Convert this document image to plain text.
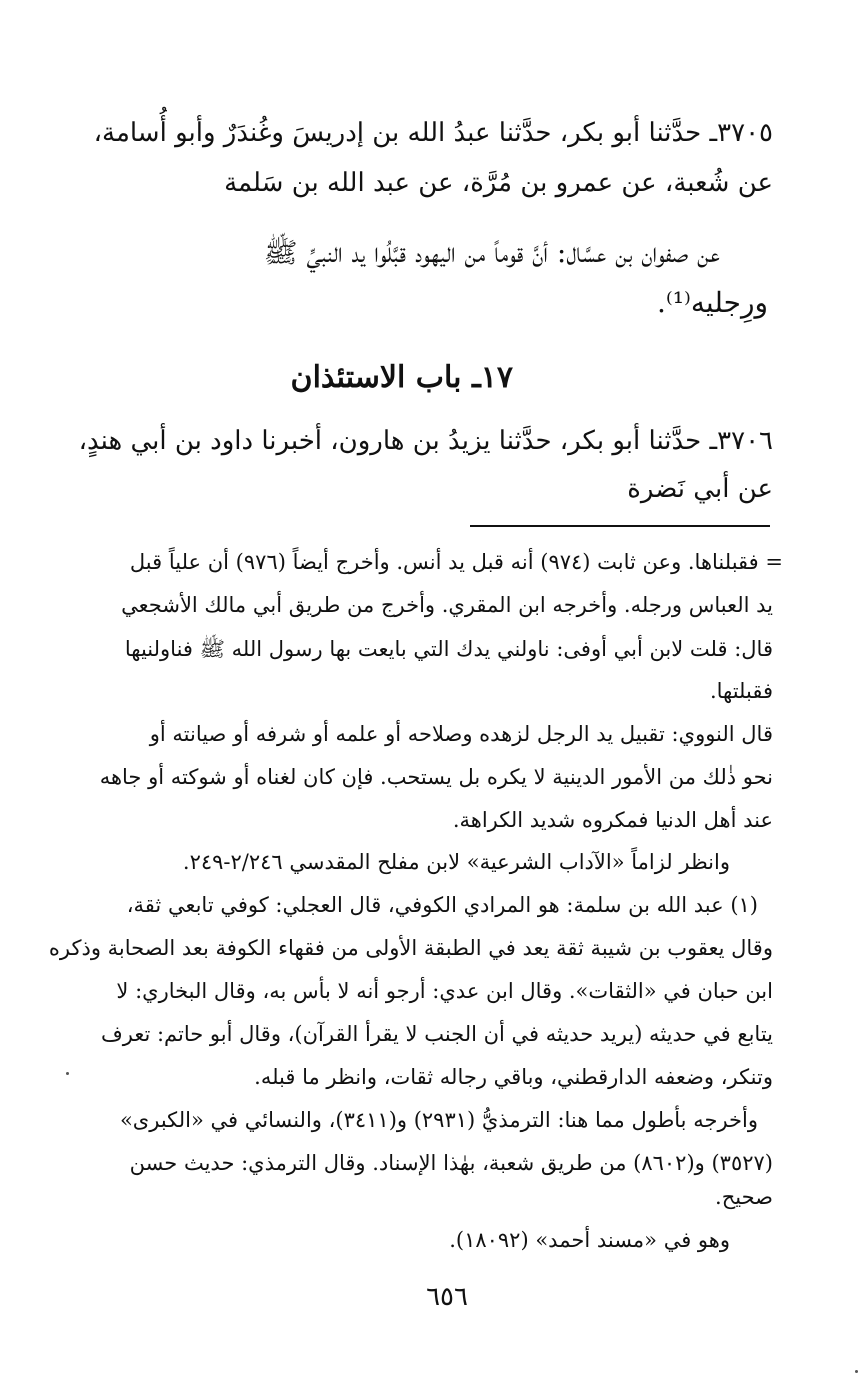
٣٧٠٥ـ حدَّثنا أبو بكر، حدَّثنا عبدُ الله بن إدريسَ وغُندَرٌ وأبو أُسامة،

عن شُعبة، عن عمرو بن مُرَّة، عن عبد الله بن سَلمة

عن صفوان بن عسَّال: أنَّ قوماً من اليهود قبَّلُوا يد النبيِّ ﷺ

ورِجليه⁽¹⁾.

١٧ـ باب الاستئذان

٣٧٠٦ـ حدَّثنا أبو بكر، حدَّثنا يزيدُ بن هارون، أخبرنا داود بن أبي هندٍ،

عن أبي نَضرة

= فقبلناها. وعن ثابت (٩٧٤) أنه قبل يد أنس. وأخرج أيضاً (٩٧٦) أن علياً قبل

يد العباس ورجله. وأخرجه ابن المقري. وأخرج من طريق أبي مالك الأشجعي

قال: قلت لابن أبي أوفى: ناولني يدك التي بايعت بها رسول الله ﷺ فناولنيها

فقبلتها.

قال النووي: تقبيل يد الرجل لزهده وصلاحه أو علمه أو شرفه أو صيانته أو

نحو ذٰلك من الأمور الدينية لا يكره بل يستحب. فإن كان لغناه أو شوكته أو جاهه

عند أهل الدنيا فمكروه شديد الكراهة.

وانظر لزاماً «الآداب الشرعية» لابن مفلح المقدسي ٢/٢٤٦-٢٤٩.

(١) عبد الله بن سلمة: هو المرادي الكوفي، قال العجلي: كوفي تابعي ثقة،

وقال يعقوب بن شيبة ثقة يعد في الطبقة الأولى من فقهاء الكوفة بعد الصحابة وذكره

ابن حبان في «الثقات». وقال ابن عدي: أرجو أنه لا بأس به، وقال البخاري: لا

يتابع في حديثه (يريد حديثه في أن الجنب لا يقرأ القرآن)، وقال أبو حاتم: تعرف

وتنكر، وضعفه الدارقطني، وباقي رجاله ثقات، وانظر ما قبله.

وأخرجه بأطول مما هنا: الترمذيُّ (٢٩٣١) و(٣٤١١)، والنسائي في «الكبرى»

(٣٥٢٧) و(٨٦٠٢) من طريق شعبة، بهٰذا الإسناد. وقال الترمذي: حديث حسن

صحيح.

وهو في «مسند أحمد» (١٨٠٩٢).

٦٥٦
